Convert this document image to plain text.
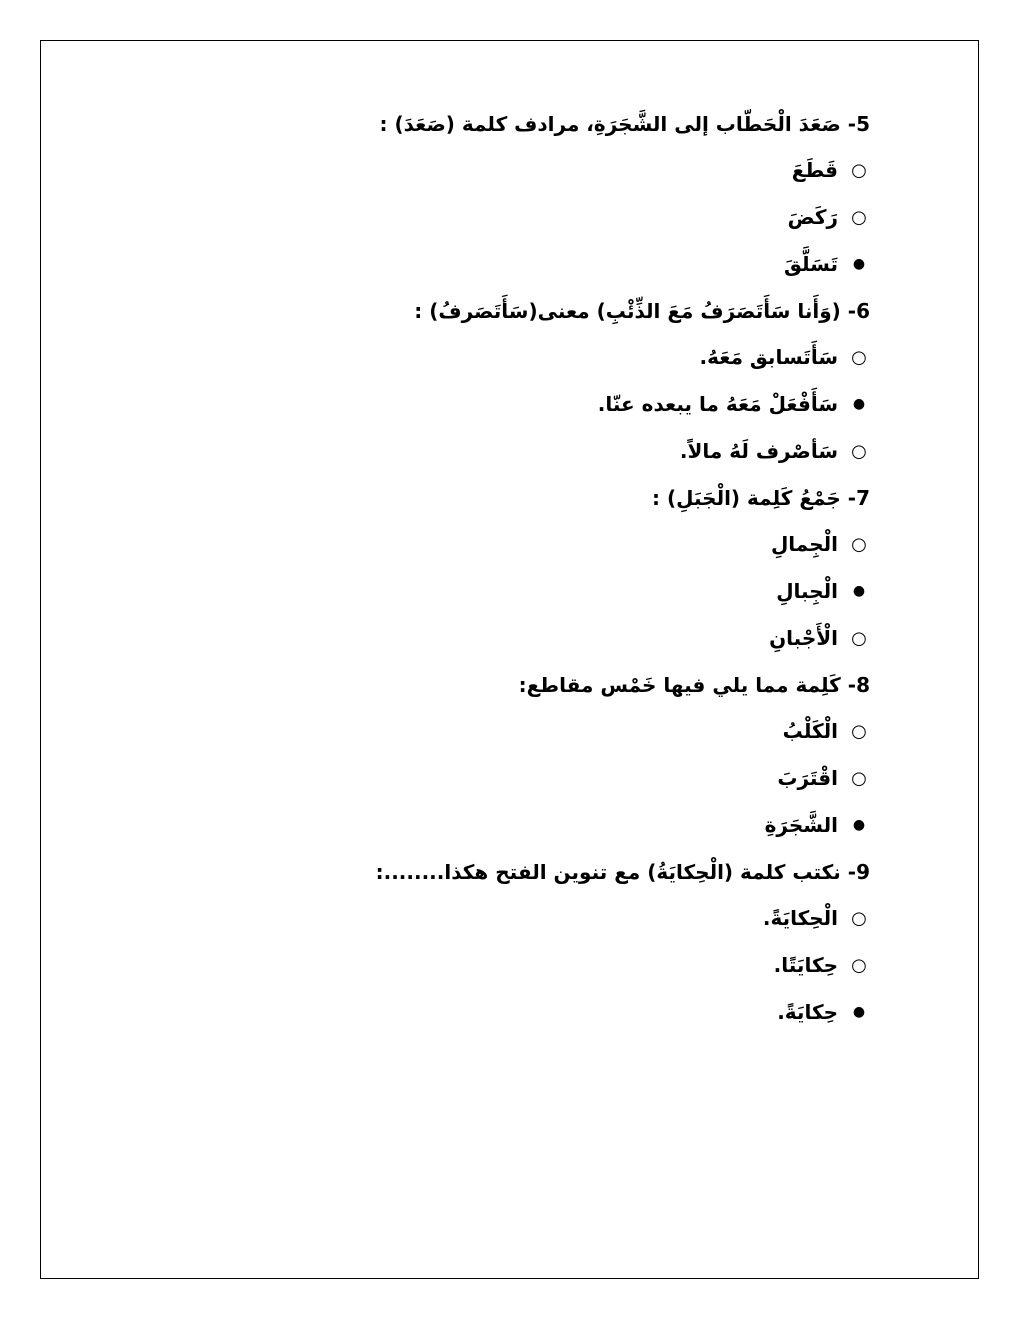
5- صَعَدَ الْحَطّاب إلى الشَّجَرَةِ، مرادف كلمة (صَعَدَ) :
○
قَطَعَ
○
رَكَضَ
●
تَسَلَّقَ
6- (وَأَنا سَأَتَصَرَفُ مَعَ الذِّئْبِ) معنى(سَأَتَصَرفُ) :
○
سَأَتَسابق مَعَهُ.
●
سَأَفْعَلْ مَعَهُ ما يبعده عنّا.
○
سَأصْرف لَهُ مالاً.
7- جَمْعُ كَلِمة (الْجَبَلِ) :
○
الْجِمالِ
●
الْجِبالِ
○
الْأَجْبانِ
8- كَلِمة مما يلي فيها خَمْس مقاطع:
○
الْكَلْبُ
○
اقْتَرَبَ
●
الشَّجَرَةِ
9- نكتب كلمة (الْحِكايَةُ) مع تنوين الفتح هكذا........:
○
الْحِكايَةً.
○
حِكايَتًا.
●
حِكايَةً.
